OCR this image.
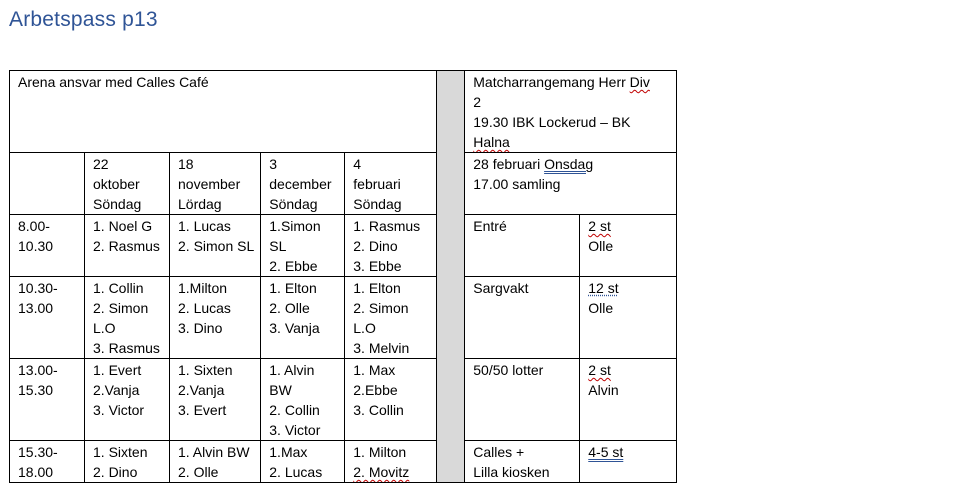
Arbetspass p13
Arena ansvar med Calles Café						Matcharrangemang Herr Div
2
19.30 IBK Lockerud – BK
Halna	

	22
oktober
Söndag	18
november
Lördag	3
december
Söndag	4
februari
Söndag		28 februari Onsdag
17.00 samling	

8.00-
10.30	1. Noel G
2. Rasmus	1. Lucas
2. Simon SL	1.Simon
SL
2. Ebbe	1. Rasmus
2. Dino
3. Ebbe		Entré	2 st
Olle

10.30-
13.00	1. Collin
2. Simon
L.O
3. Rasmus	1.Milton
2. Lucas
3. Dino	1. Elton
2. Olle
3. Vanja	1. Elton
2. Simon
L.O
3. Melvin		Sargvakt	12 st
Olle

13.00-
15.30	1. Evert
2.Vanja
3. Victor	1. Sixten
2.Vanja
3. Evert	1. Alvin
BW
2. Collin
3. Victor	1. Max
2.Ebbe
3. Collin		50/50 lotter	2 st
Alvin

15.30-
18.00	1. Sixten
2. Dino	1. Alvin BW
2. Olle	1.Max
2. Lucas	1. Milton
2. Movitz		Calles +
Lilla kiosken	4-5 st
